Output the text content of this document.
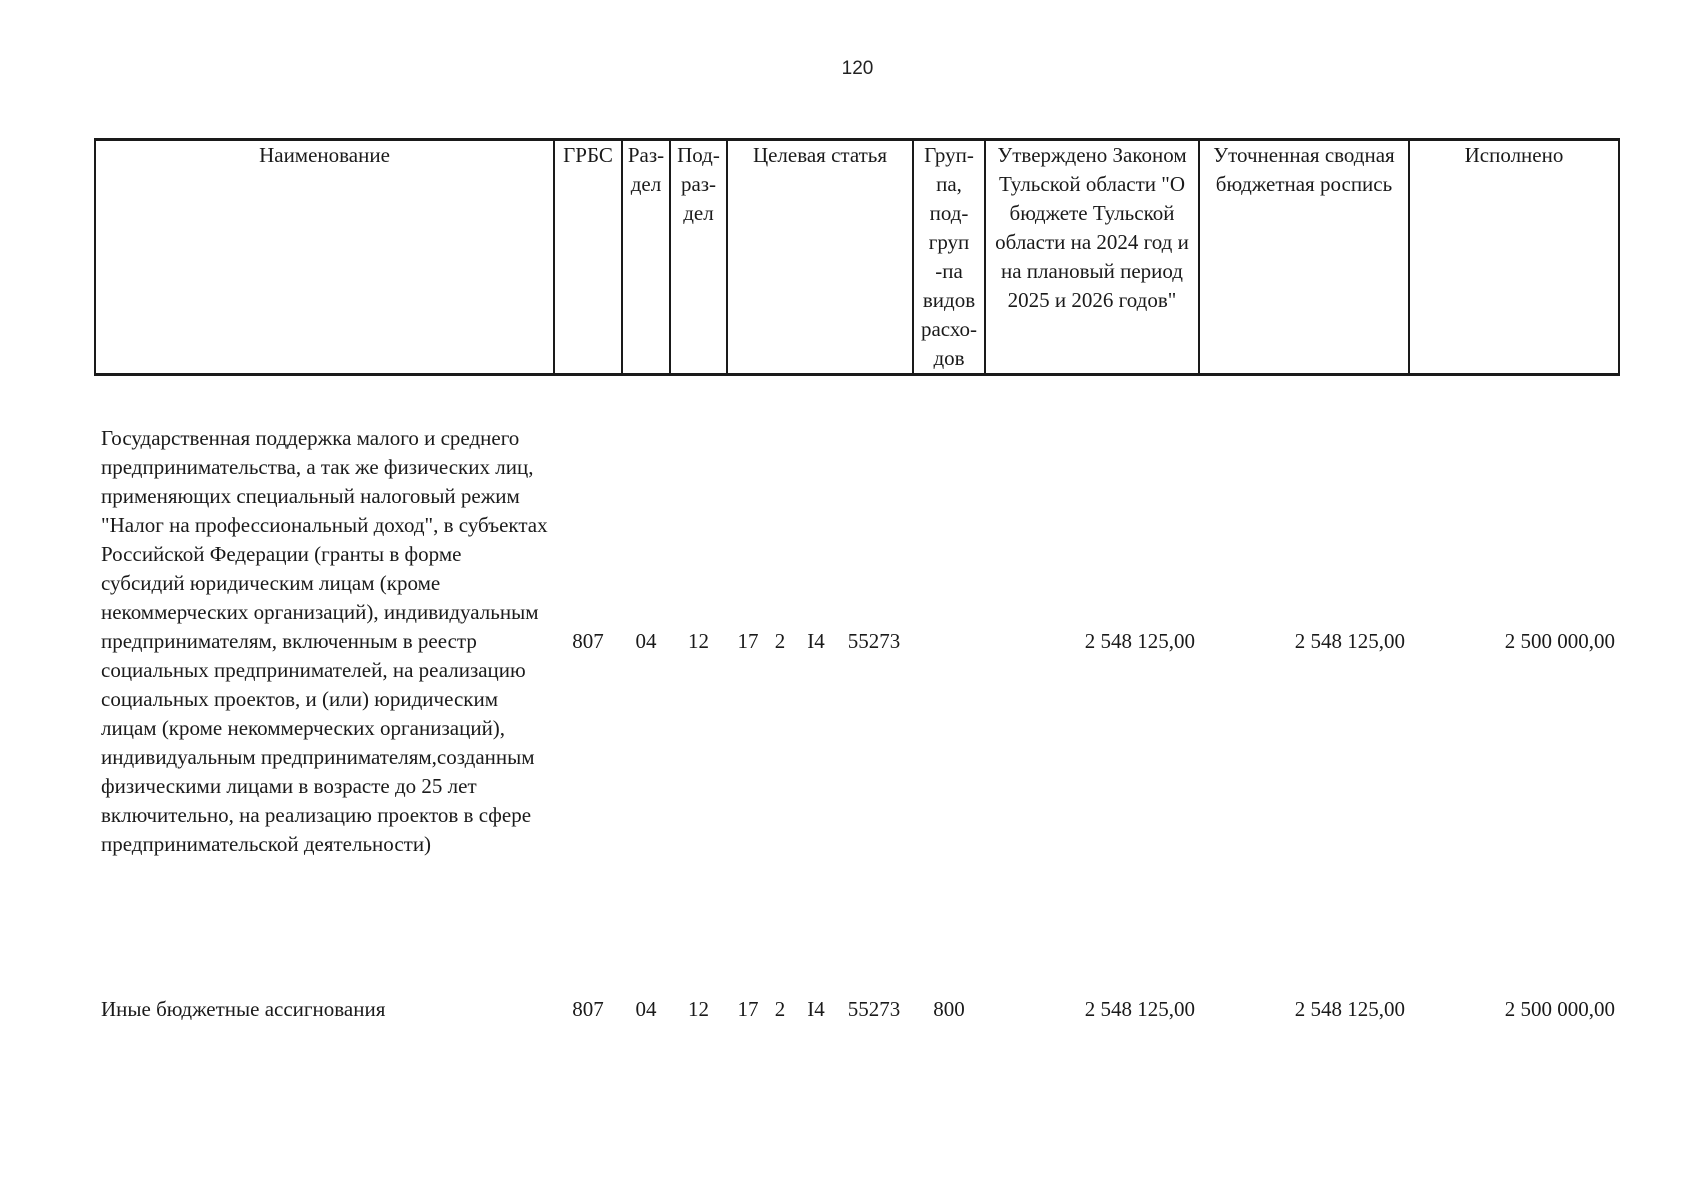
120
Наименование	ГРБС	Раз-дел	Под-раз-дел	Целевая статья	Груп-па, под-груп -па видов расхо-дов	Утверждено Законом Тульской области "О бюджете Тульской области на 2024 год и на плановый период 2025 и 2026 годов"	Уточненная сводная бюджетная роспись	Исполнено
Государственная поддержка малого и среднего предпринимательства, а так же физических лиц, применяющих специальный налоговый режим "Налог на профессиональный доход", в субъектах Российской Федерации (гранты в форме субсидий юридическим лицам (кроме некоммерческих организаций), индивидуальным предпринимателям, включенным в реестр социальных предпринимателей, на реализацию социальных проектов, и (или) юридическим лицам (кроме некоммерческих организаций), индивидуальным предпринимателям,созданным физическими лицами в возрасте до 25 лет включительно, на реализацию проектов в сфере предпринимательской деятельности)	807	04	12	17 2 I4 55273		2 548 125,00	2 548 125,00	2 500 000,00

Иные бюджетные ассигнования	807	04	12	17 2 I4 55273	800	2 548 125,00	2 548 125,00	2 500 000,00
